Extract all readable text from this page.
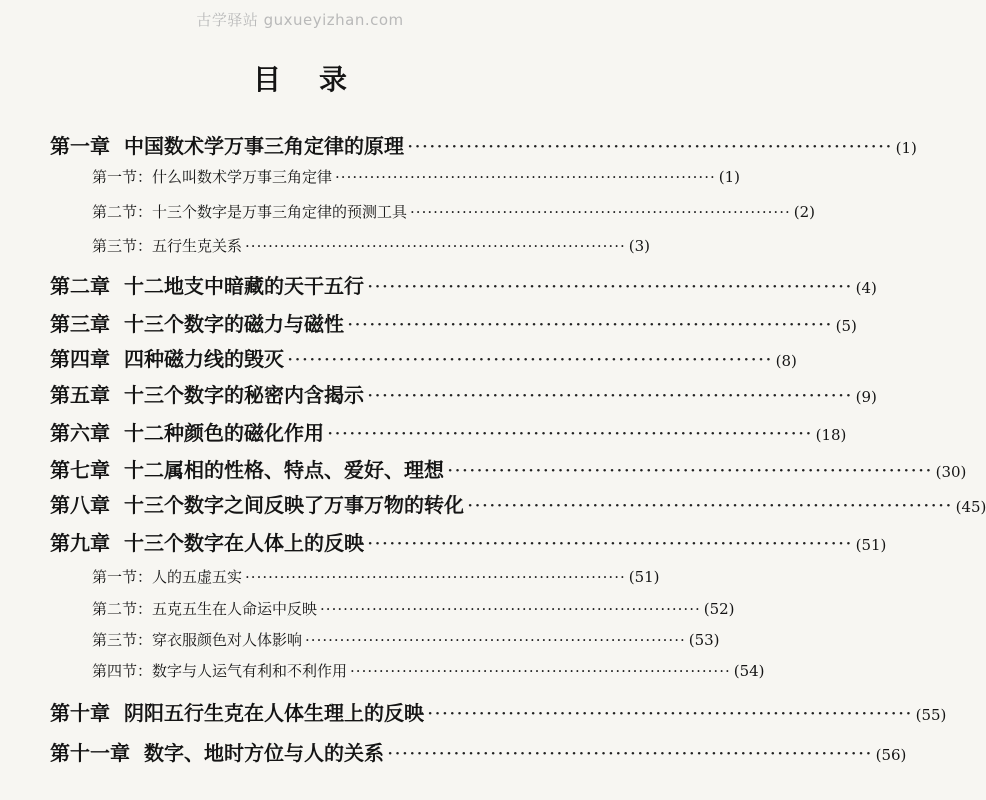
古学驿站 guxueyizhan.com
目录
第一章 中国数术学万事三角定律的原理 ·································································· (1)
第一节： 什么叫数术学万事三角定律 ·································································· (1)
第二节： 十三个数字是万事三角定律的预测工具 ·································································· (2)
第三节： 五行生克关系 ·································································· (3)
第二章 十二地支中暗藏的天干五行 ·································································· (4)
第三章 十三个数字的磁力与磁性 ·································································· (5)
第四章 四种磁力线的毁灭 ·································································· (8)
第五章 十三个数字的秘密内含揭示 ·································································· (9)
第六章 十二种颜色的磁化作用 ·································································· (18)
第七章 十二属相的性格、特点、爱好、理想 ·································································· (30)
第八章 十三个数字之间反映了万事万物的转化 ·································································· (45)
第九章 十三个数字在人体上的反映 ·································································· (51)
第一节： 人的五虚五实 ·································································· (51)
第二节： 五克五生在人命运中反映 ·································································· (52)
第三节： 穿衣服颜色对人体影响 ·································································· (53)
第四节： 数字与人运气有利和不利作用 ·································································· (54)
第十章 阴阳五行生克在人体生理上的反映 ·································································· (55)
第十一章 数字、地时方位与人的关系 ·································································· (56)
